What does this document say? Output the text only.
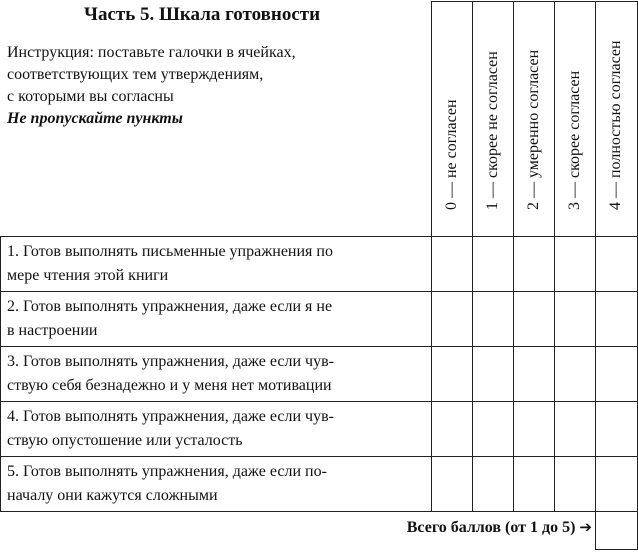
Часть 5. Шкала готовности
Инструкция: поставьте галочки в ячейках,
соответствующих тем утверждениям,
с которыми вы согласны
Не пропускайте пункты	0 — не согласен 1 — скорее не согласен 2 — умеренно согласен 3 — скорее согласен 4 — полностью согласен
1. Готов выполнять письменные упражнения по
мере чтения этой книги
2. Готов выполнять упражнения, даже если я не
в настроении
3. Готов выполнять упражнения, даже если чув-
ствую себя безнадежно и у меня нет мотивации
4. Готов выполнять упражнения, даже если чув-
ствую опустошение или усталость
5. Готов выполнять упражнения, даже если по-
началу они кажутся сложными
Всего баллов (от 1 до 5) ➔
